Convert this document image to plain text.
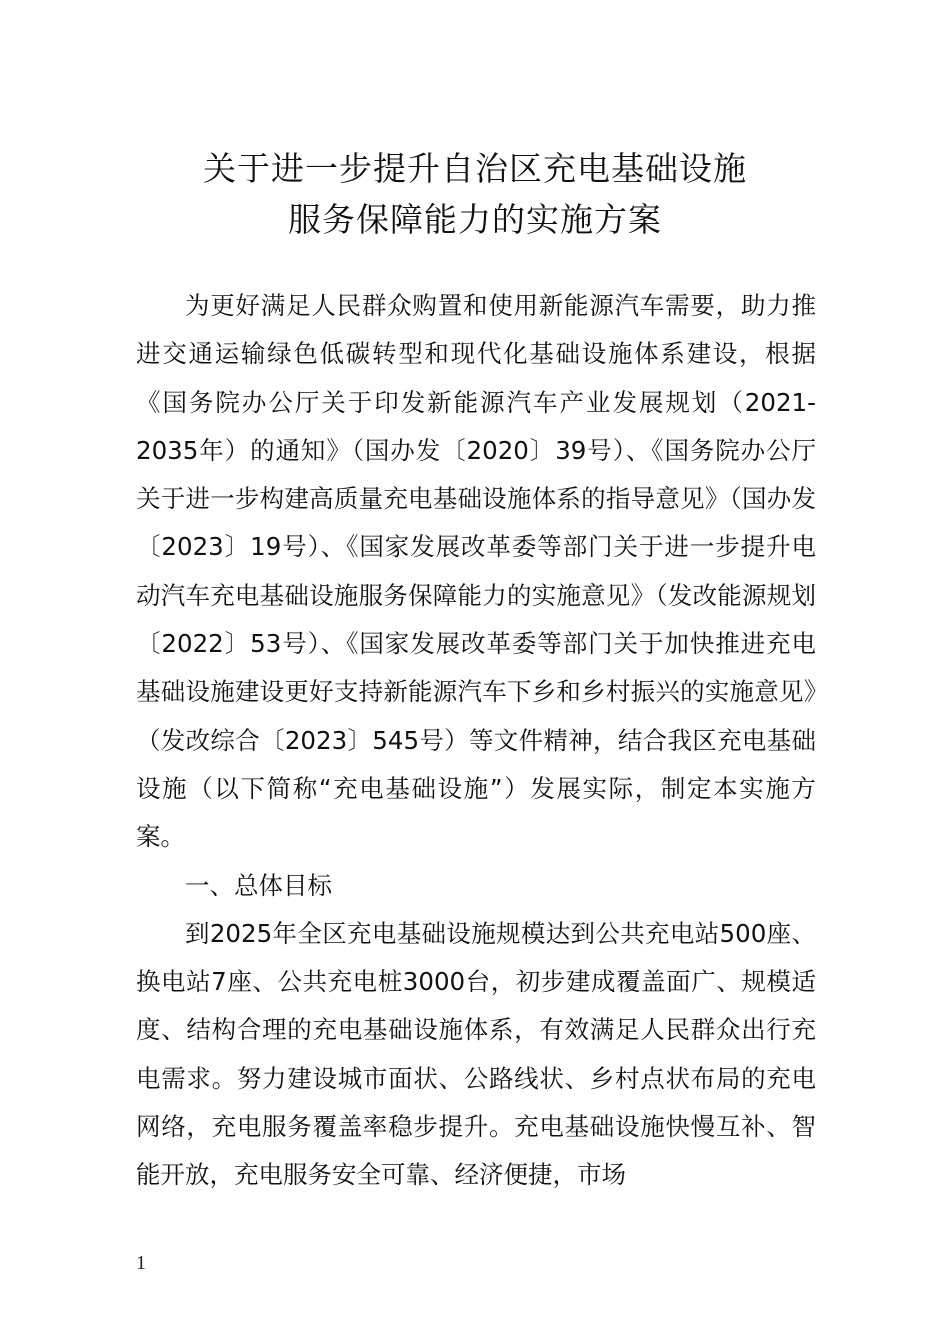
关于进一步提升自治区充电基础设施
服务保障能力的实施方案

为更好满足人民群众购置和使用新能源汽车需要，助力推进交通运输绿色低碳转型和现代化基础设施体系建设，根据《国务院办公厅关于印发新能源汽车产业发展规划（2021-2035年）的通知》（国办发〔2020〕39号）、《国务院办公厅关于进一步构建高质量充电基础设施体系的指导意见》（国办发〔2023〕19号）、《国家发展改革委等部门关于进一步提升电动汽车充电基础设施服务保障能力的实施意见》（发改能源规划〔2022〕53号）、《国家发展改革委等部门关于加快推进充电基础设施建设更好支持新能源汽车下乡和乡村振兴的实施意见》（发改综合〔2023〕545号）等文件精神，结合我区充电基础设施（以下简称“充电基础设施”）发展实际，制定本实施方案。

一、总体目标

到2025年全区充电基础设施规模达到公共充电站500座、换电站7座、公共充电桩3000台，初步建成覆盖面广、规模适度、结构合理的充电基础设施体系，有效满足人民群众出行充电需求。努力建设城市面状、公路线状、乡村点状布局的充电网络，充电服务覆盖率稳步提升。充电基础设施快慢互补、智能开放，充电服务安全可靠、经济便捷，市场

1
